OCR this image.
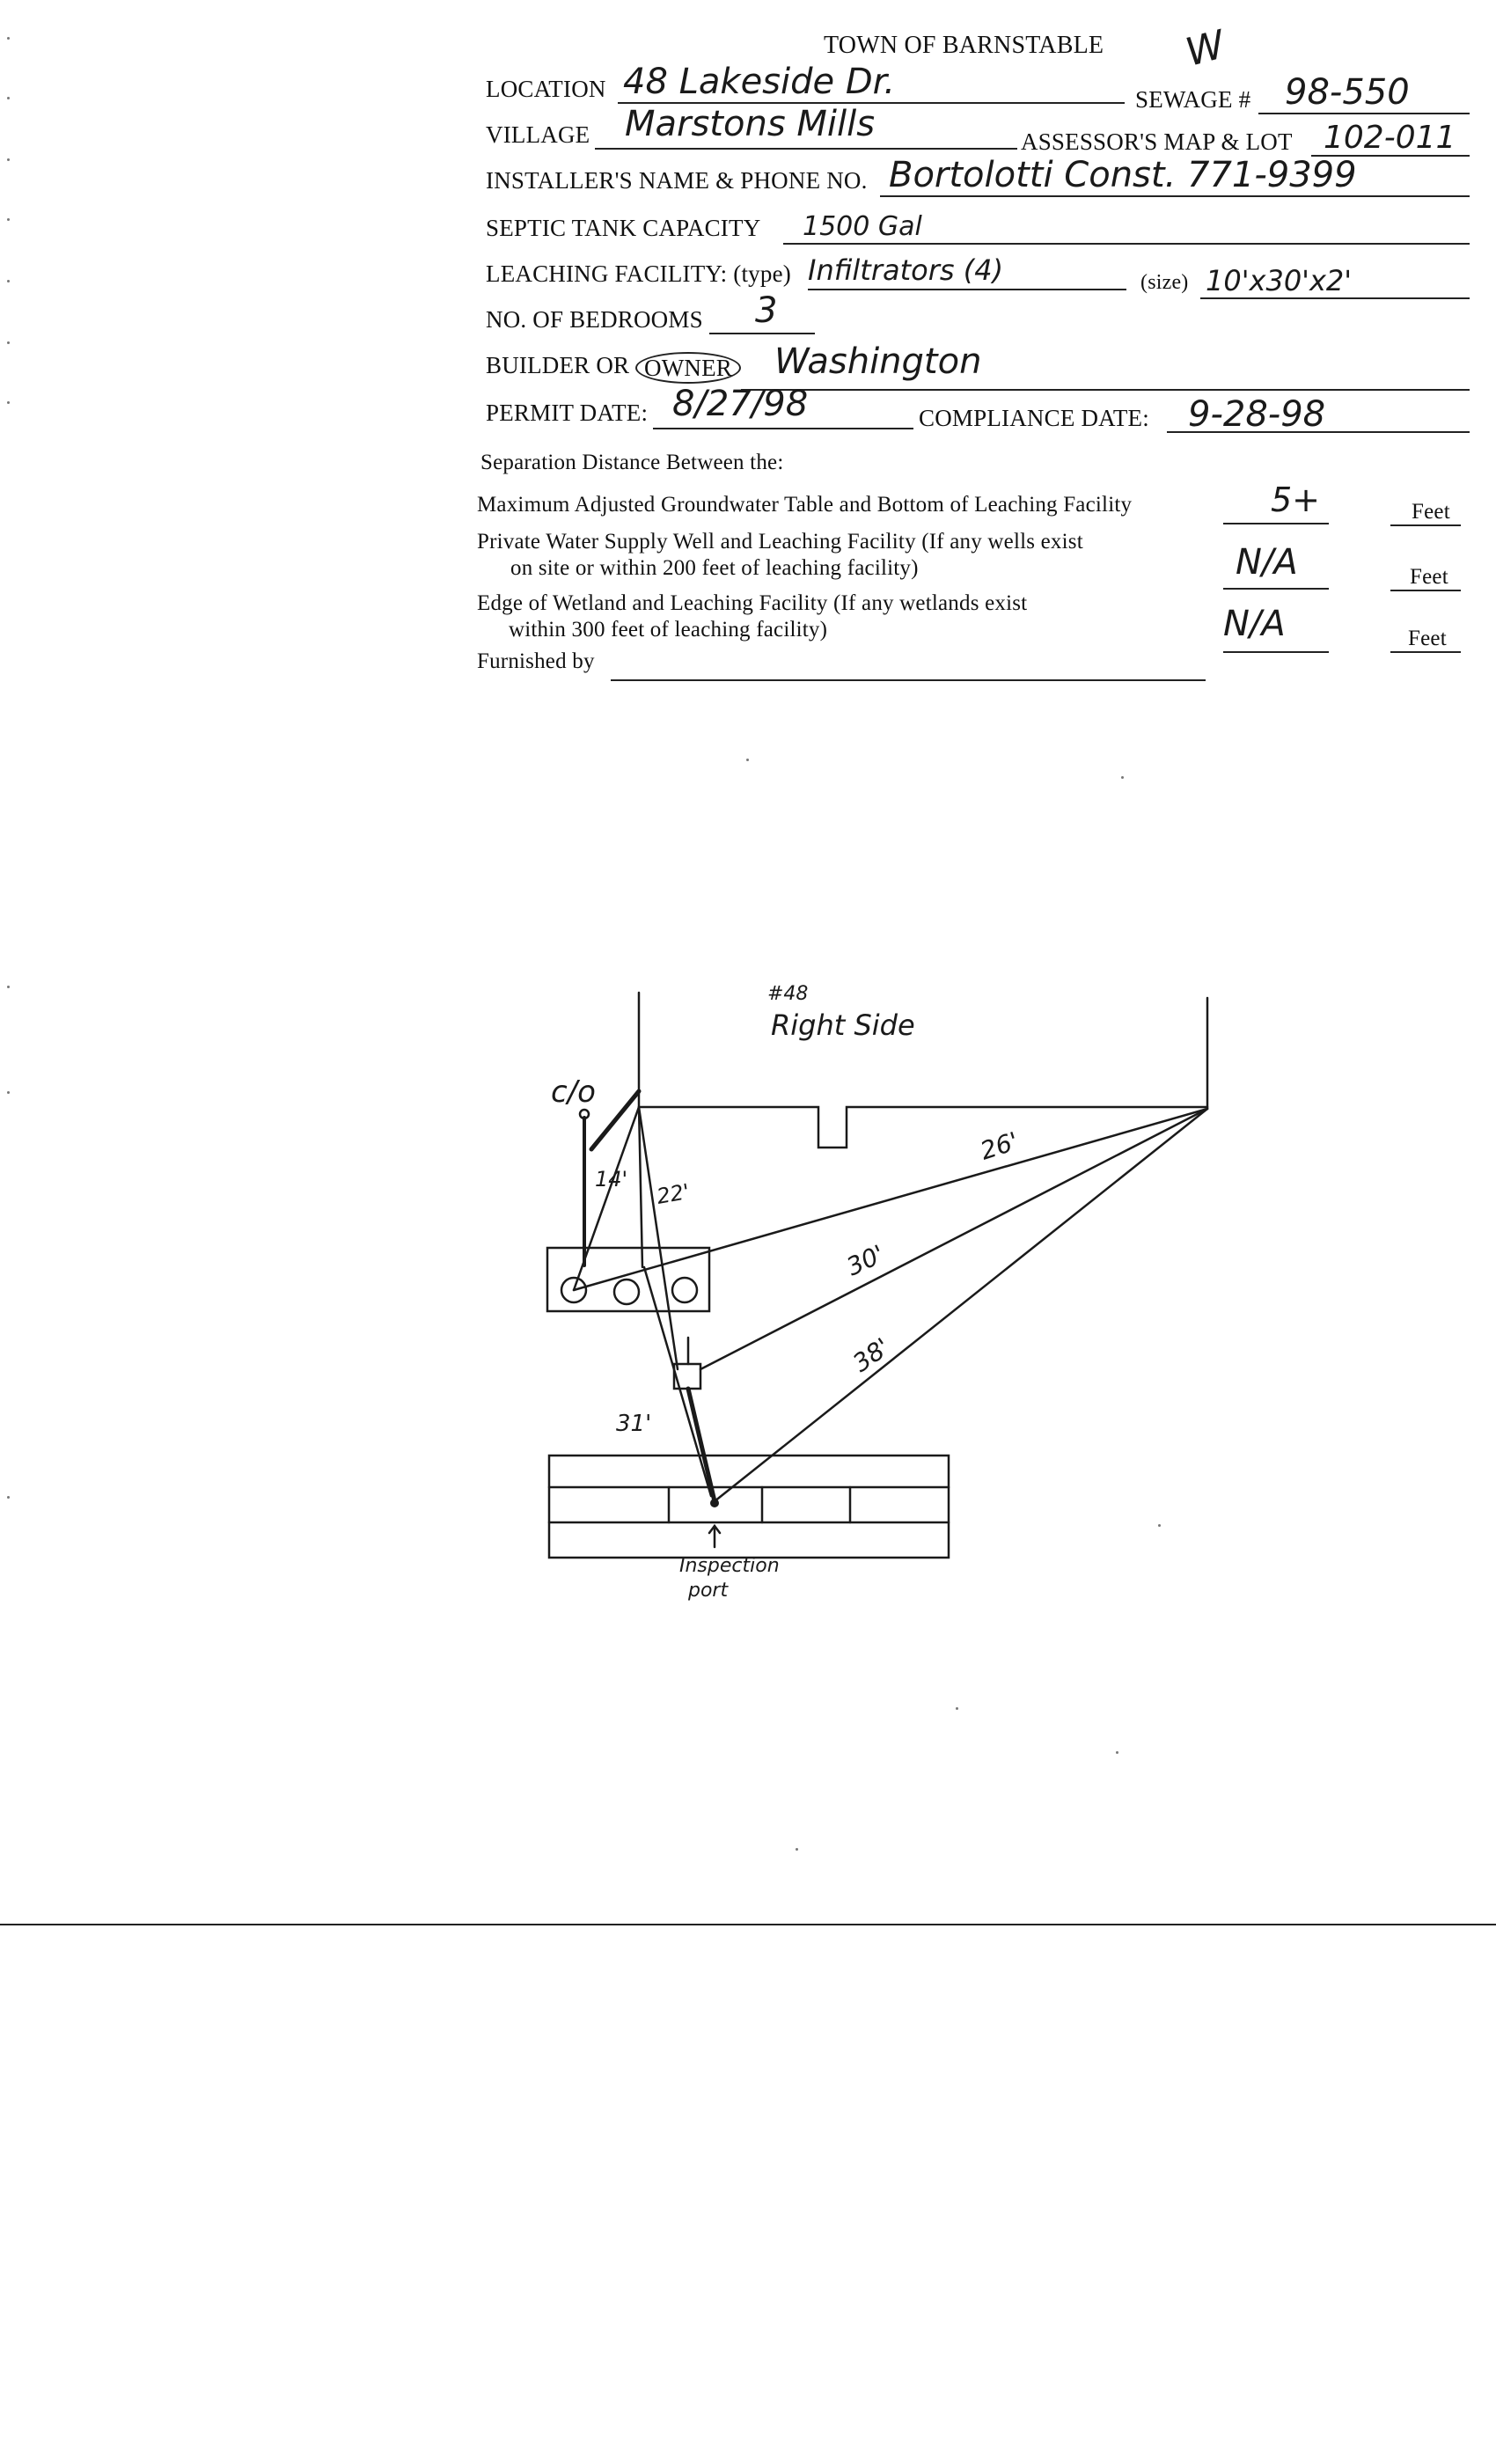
TOWN OF BARNSTABLE W
LOCATION 48 Lakeside Dr.	SEWAGE # 98-550
VILLAGE Marstons Mills	ASSESSOR'S MAP & LOT 102-011
INSTALLER'S NAME & PHONE NO. Bortolotti Const. 771-9399
SEPTIC TANK CAPACITY 1500 Gal
LEACHING FACILITY: (type) Infiltrators (4)	(size) 10'x30'x2'
NO. OF BEDROOMS 3
BUILDER OR OWNER Washington
PERMIT DATE: 8/27/98	COMPLIANCE DATE: 9-28-98
Separation Distance Between the:
Maximum Adjusted Groundwater Table and Bottom of Leaching Facility	5+	Feet
Private Water Supply Well and Leaching Facility (If any wells exist
on site or within 200 feet of leaching facility)	N/A	Feet
Edge of Wetland and Leaching Facility (If any wetlands exist
within 300 feet of leaching facility)	N/A	Feet
Furnished by
#48
Right Side
c/o
14' 22'
26'
30'
38'
31'
Inspection
port
